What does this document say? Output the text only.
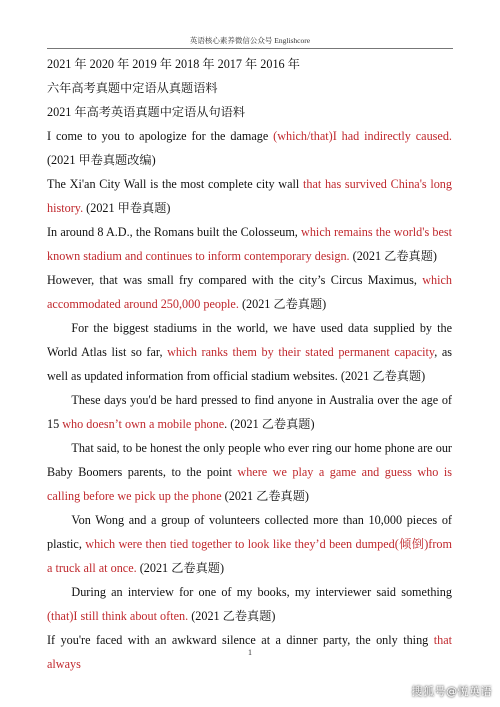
英语核心素养微信公众号 Englishcore

2021 年 2020 年 2019 年 2018 年 2017 年 2016 年

六年高考真题中定语从真题语料

2021 年高考英语真题中定语从句语料

I come to you to apologize for the damage (which/that)I had indirectly caused.(2021 甲卷真题改编)

The Xi'an City Wall is the most complete city wall that has survived China's long history. (2021 甲卷真题)

In around 8 A.D., the Romans built the Colosseum, which remains the world's best known stadium and continues to inform contemporary design. (2021 乙卷真题)

However, that was small fry compared with the city’s Circus Maximus, which accommodated around 250,000 people. (2021 乙卷真题)

For the biggest stadiums in the world, we have used data supplied by the World Atlas list so far, which ranks them by their stated permanent capacity, as well as updated information from official stadium websites. (2021 乙卷真题)

These days you'd be hard pressed to find anyone in Australia over the age of 15 who doesn’t own a mobile phone. (2021 乙卷真题)

That said, to be honest the only people who ever ring our home phone are our Baby Boomers parents, to the point where we play a game and guess who is calling before we pick up the phone (2021 乙卷真题)

Von Wong and a group of volunteers collected more than 10,000 pieces of plastic, which were then tied together to look like they’d been dumped(倾倒)from a truck all at once. (2021 乙卷真题)

During an interview for one of my books, my interviewer said something (that)I still think about often. (2021 乙卷真题)

If you're faced with an awkward silence at a dinner party, the only thing that always

1
搜狐号@悦英语
